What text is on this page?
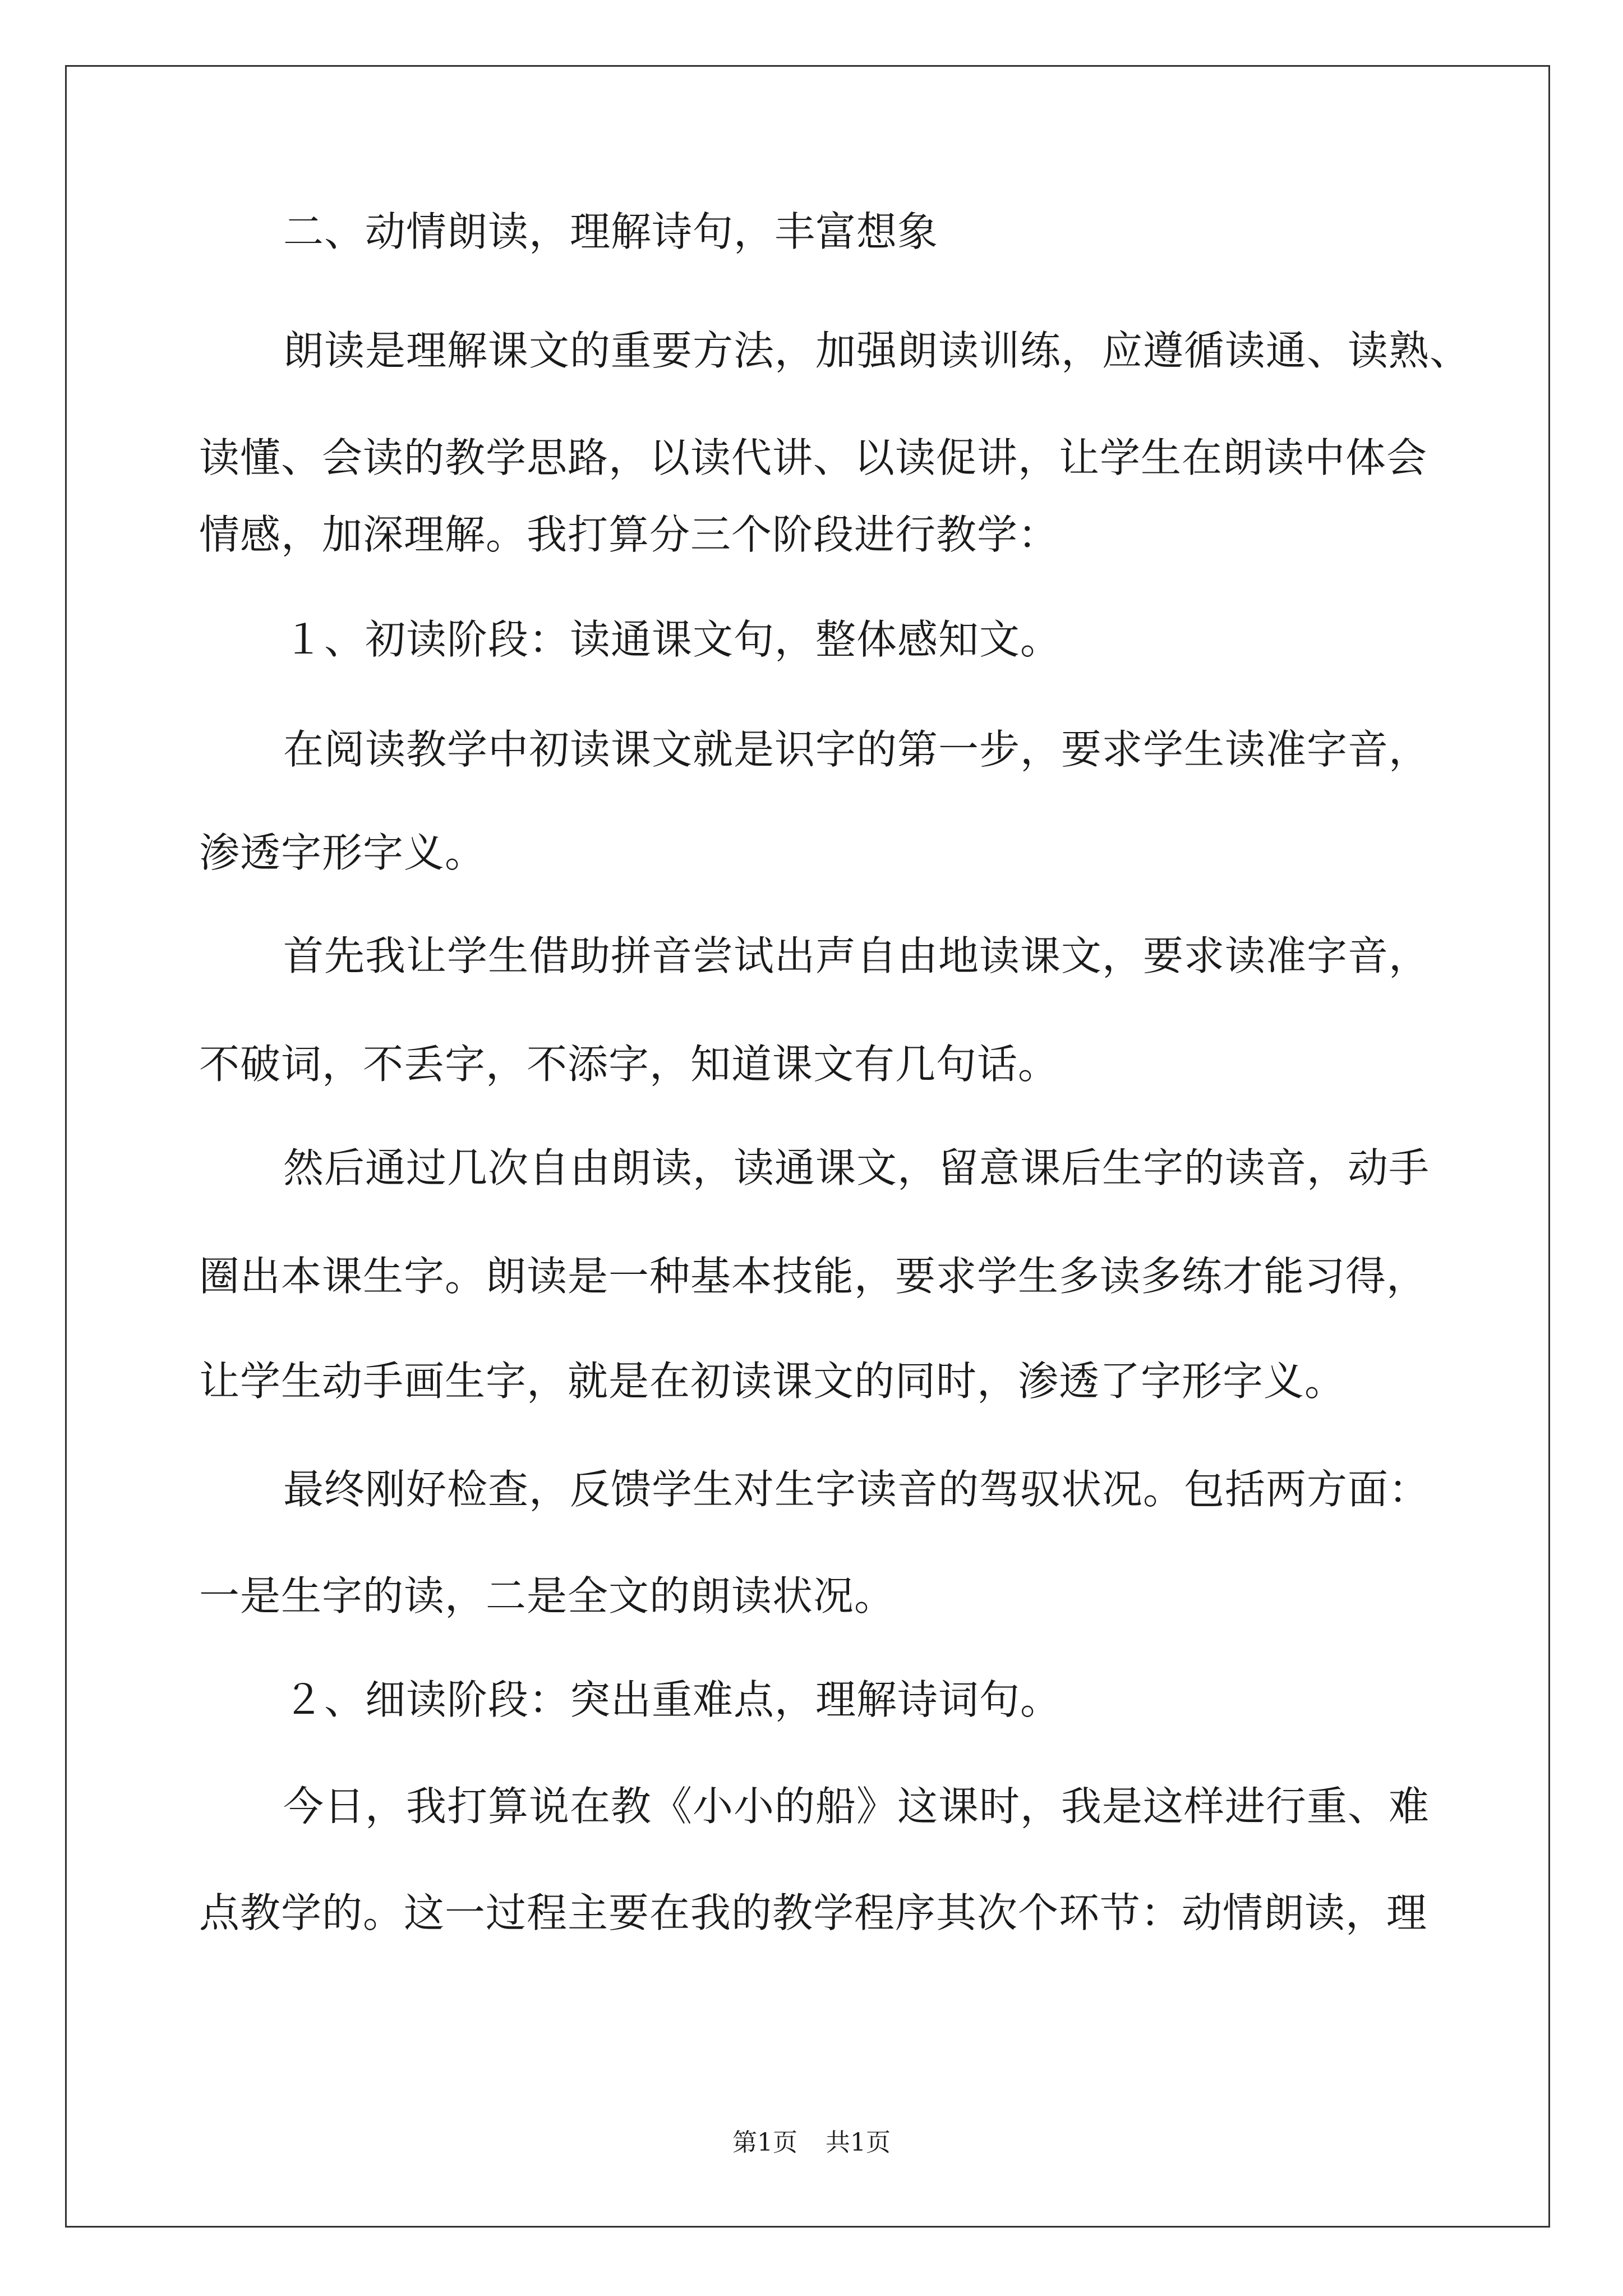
二、动情朗读，理解诗句，丰富想象
朗读是理解课文的重要方法，加强朗读训练，应遵循读通、读熟、
读懂、会读的教学思路，以读代讲、以读促讲，让学生在朗读中体会
情感，加深理解。我打算分三个阶段进行教学：
１、初读阶段：读通课文句，整体感知文。
在阅读教学中初读课文就是识字的第一步，要求学生读准字音，
渗透字形字义。
首先我让学生借助拼音尝试出声自由地读课文，要求读准字音，
不破词，不丢字，不添字，知道课文有几句话。
然后通过几次自由朗读，读通课文，留意课后生字的读音，动手
圈出本课生字。朗读是一种基本技能，要求学生多读多练才能习得，
让学生动手画生字，就是在初读课文的同时，渗透了字形字义。
最终刚好检查，反馈学生对生字读音的驾驭状况。包括两方面：
一是生字的读，二是全文的朗读状况。
２、细读阶段：突出重难点，理解诗词句。
今日，我打算说在教《小小的船》这课时，我是这样进行重、难
点教学的。这一过程主要在我的教学程序其次个环节：动情朗读，理
第1页 共1页
